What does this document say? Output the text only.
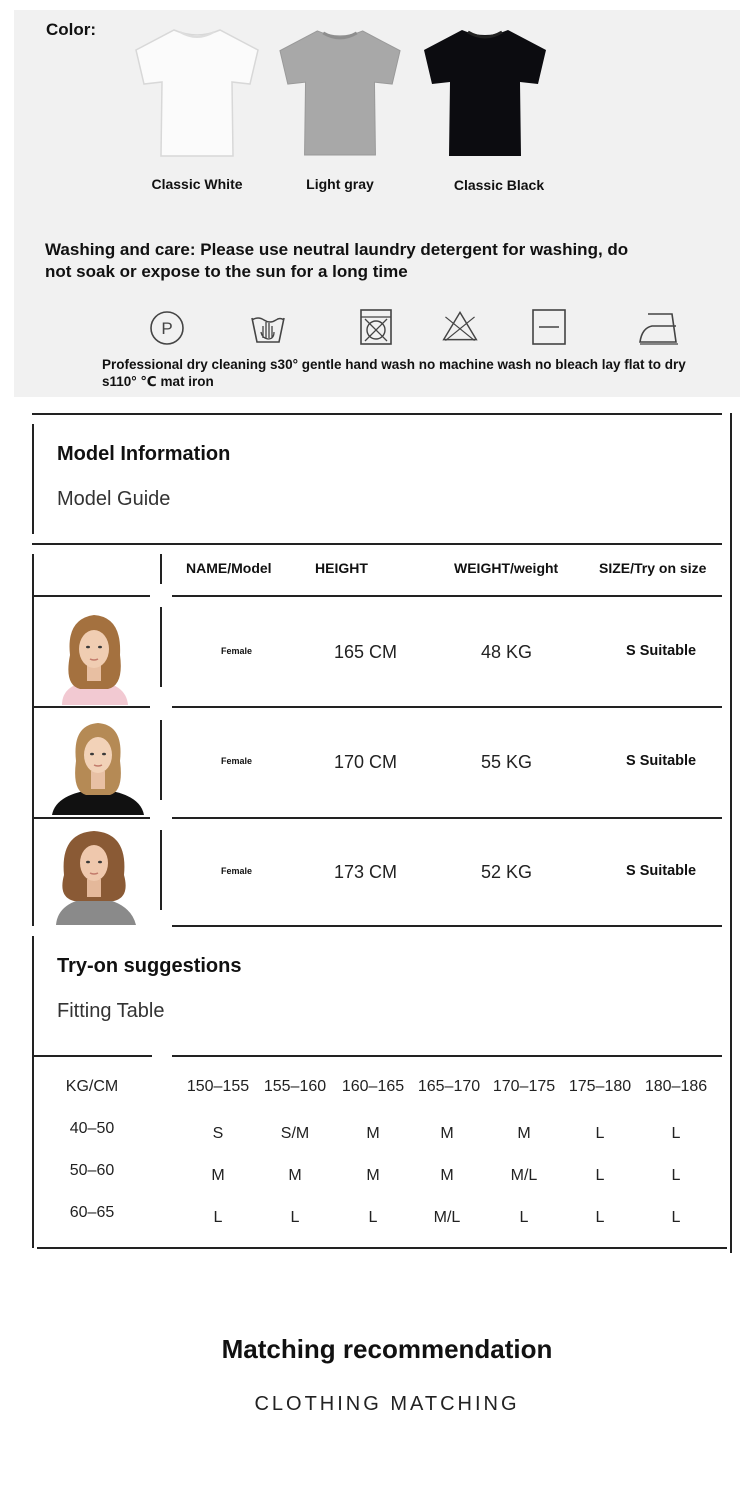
Color:
Classic White	Light gray	Classic Black
Washing and care: Please use neutral laundry detergent for washing, do
not soak or expose to the sun for a long time
P
Professional dry cleaning s30° gentle hand wash no machine wash no bleach lay flat to dry
s110° ℃ mat iron
Model Information
Model Guide
NAME/Model	HEIGHT	WEIGHT/weight	SIZE/Try on size
Female	165 CM	48 KG	S Suitable
Female	170 CM	55 KG	S Suitable
Female	173 CM	52 KG	S Suitable
Try-on suggestions
Fitting Table
KG/CM	150–155 155–160 160–165 165–170 170–175 175–180 180–186
40–50	S	S/M	M	M	M	L	L
50–60	M	M	M	M	M/L	L	L
60–65	L	L	L	M/L	L	L	L
Matching recommendation
CLOTHING MATCHING
